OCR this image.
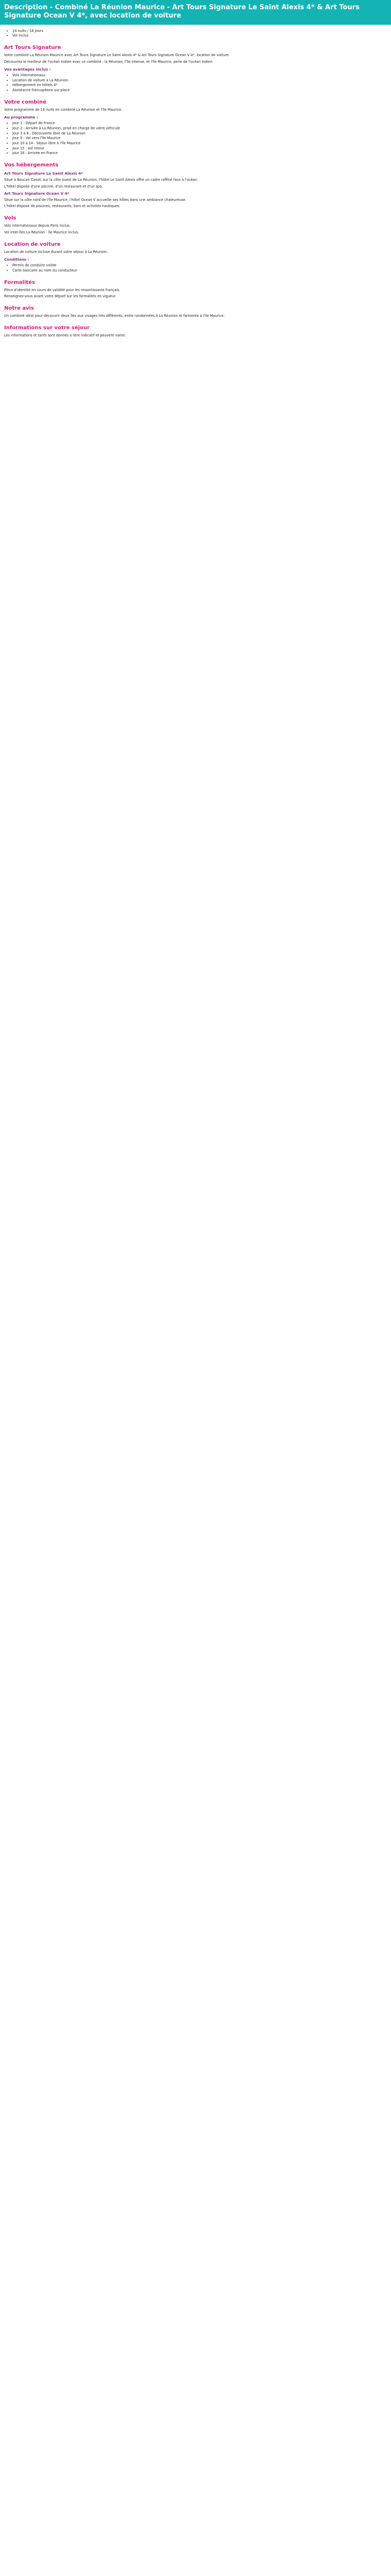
Description - Combiné La Réunion Maurice - Art Tours Signature Le Saint Alexis 4* & Art Tours Signature Ocean V 4*, avec location de voiture
• 14 nuits / 16 jours
• Vol inclus
Art Tours Signature

Votre combiné La Réunion Maurice avec Art Tours Signature Le Saint Alexis 4* & Art Tours Signature Ocean V 4*, location de voiture.

Découvrez le meilleur de l'océan Indien avec ce combiné : la Réunion, l'île intense, et l'île Maurice, perle de l'océan Indien.

Vos avantages inclus :
• Vols internationaux
• Location de voiture à La Réunion
• Hébergement en hôtels 4*
• Assistance francophone sur place
Votre combiné

Votre programme de 14 nuits en combiné La Réunion et l'île Maurice.

Au programme :
• Jour 1 : Départ de France
• Jour 2 : Arrivée à La Réunion, prise en charge de votre véhicule
• Jour 3 à 8 : Découverte libre de La Réunion
• Jour 9 : Vol vers l'île Maurice
• Jour 10 à 14 : Séjour libre à l'île Maurice
• Jour 15 : Vol retour
• Jour 16 : Arrivée en France
Vos hébergements
Art Tours Signature Le Saint Alexis 4*

Situé à Boucan Canot, sur la côte ouest de La Réunion, l'hôtel Le Saint Alexis offre un cadre raffiné face à l'océan.

L'hôtel dispose d'une piscine, d'un restaurant et d'un spa.

Art Tours Signature Ocean V 4*

Situé sur la côte nord de l'île Maurice, l'hôtel Ocean V accueille ses hôtes dans une ambiance chaleureuse.

L'hôtel dispose de piscines, restaurants, bars et activités nautiques.

Vols

Vols internationaux depuis Paris inclus.

Vol inter-îles La Réunion - île Maurice inclus.

Location de voiture

Location de voiture incluse durant votre séjour à La Réunion.

Conditions :
• Permis de conduire valide
• Carte bancaire au nom du conducteur
Formalités

Pièce d'identité en cours de validité pour les ressortissants français.

Renseignez-vous avant votre départ sur les formalités en vigueur.

Notre avis

Un combiné idéal pour découvrir deux îles aux visages très différents, entre randonnées à La Réunion et farniente à l'île Maurice.

Informations sur votre séjour

Les informations et tarifs sont donnés à titre indicatif et peuvent varier.
